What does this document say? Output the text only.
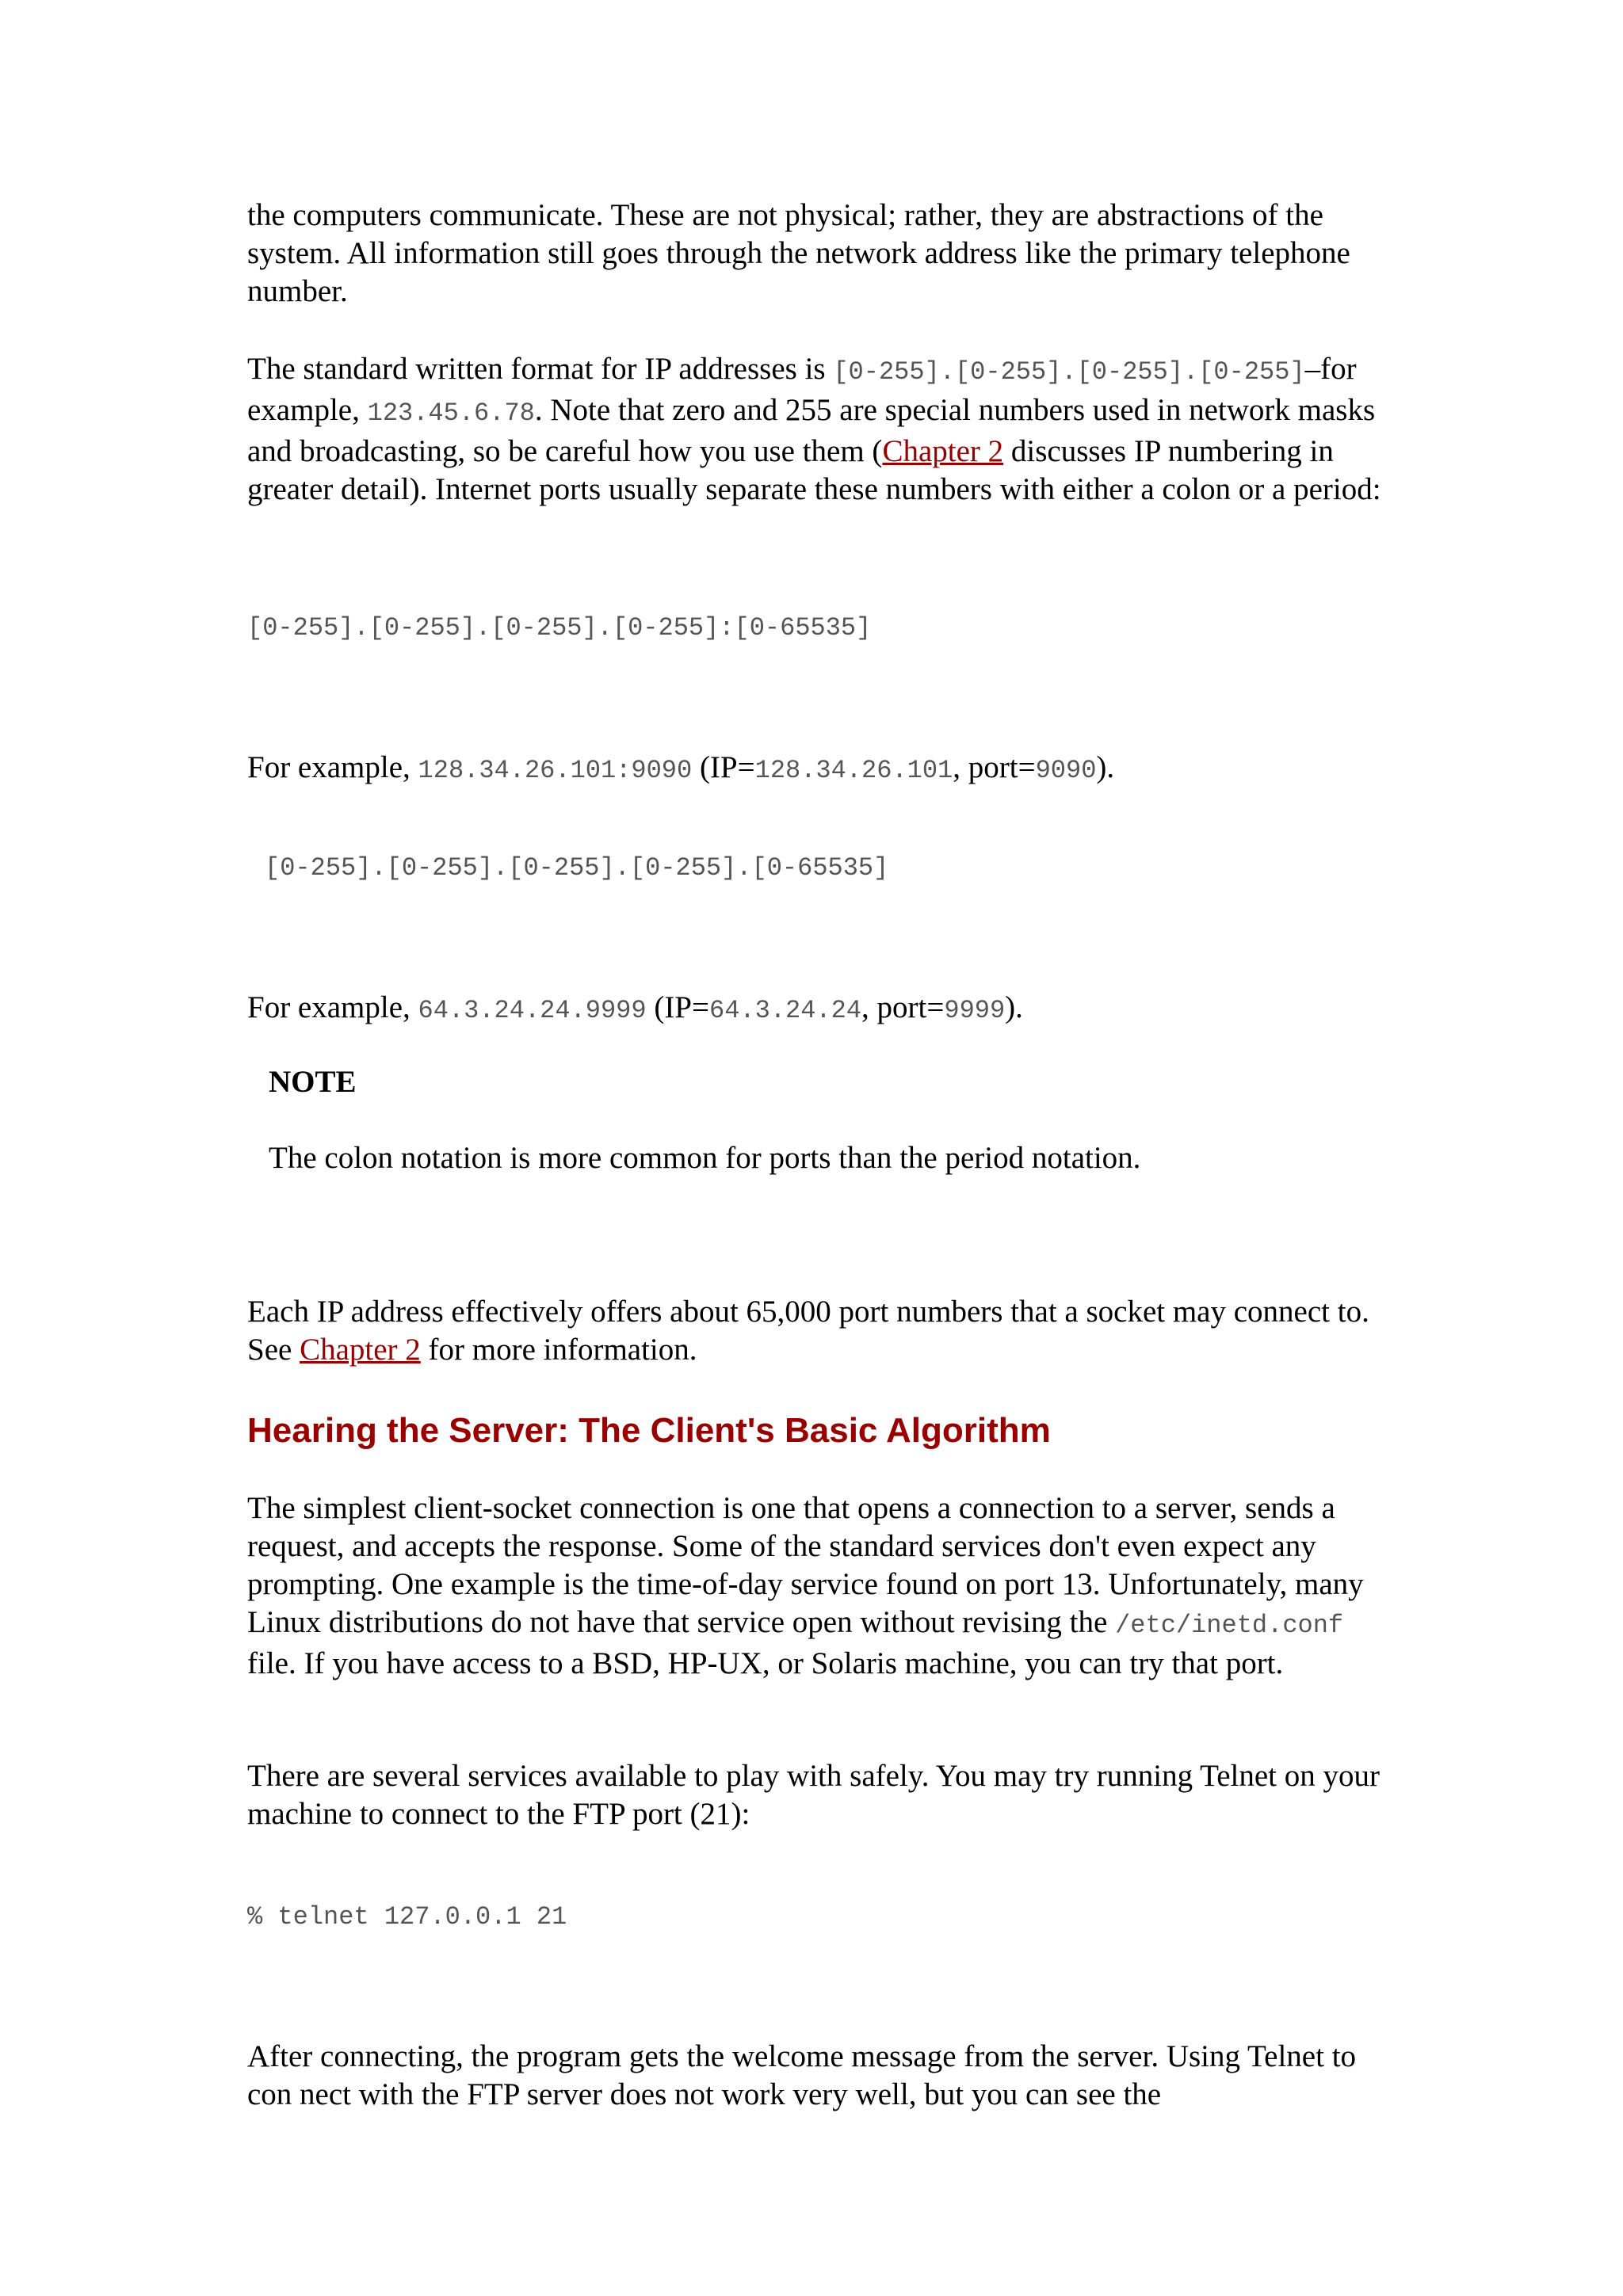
the computers communicate. These are not physical; rather, they are abstractions of the system. All information still goes through the network address like the primary telephone number.

The standard written format for IP addresses is [0-255].[0-255].[0-255].[0-255]–for example, 123.45.6.78. Note that zero and 255 are special numbers used in network masks and broadcasting, so be careful how you use them (Chapter 2 discusses IP numbering in greater detail). Internet ports usually separate these numbers with either a colon or a period:

[0-255].[0-255].[0-255].[0-255]:[0-65535]

For example, 128.34.26.101:9090 (IP=128.34.26.101, port=9090).

[0-255].[0-255].[0-255].[0-255].[0-65535]

For example, 64.3.24.24.9999 (IP=64.3.24.24, port=9999).

NOTE

The colon notation is more common for ports than the period notation.

Each IP address effectively offers about 65,000 port numbers that a socket may connect to. See Chapter 2 for more information.

Hearing the Server: The Client's Basic Algorithm

The simplest client-socket connection is one that opens a connection to a server, sends a request, and accepts the response. Some of the standard services don't even expect any prompting. One example is the time-of-day service found on port 13. Unfortunately, many Linux distributions do not have that service open without revising the /etc/inetd.conf file. If you have access to a BSD, HP-UX, or Solaris machine, you can try that port.

There are several services available to play with safely. You may try running Telnet on your machine to connect to the FTP port (21):

% telnet 127.0.0.1 21

After connecting, the program gets the welcome message from the server. Using Telnet to con nect with the FTP server does not work very well, but you can see the
